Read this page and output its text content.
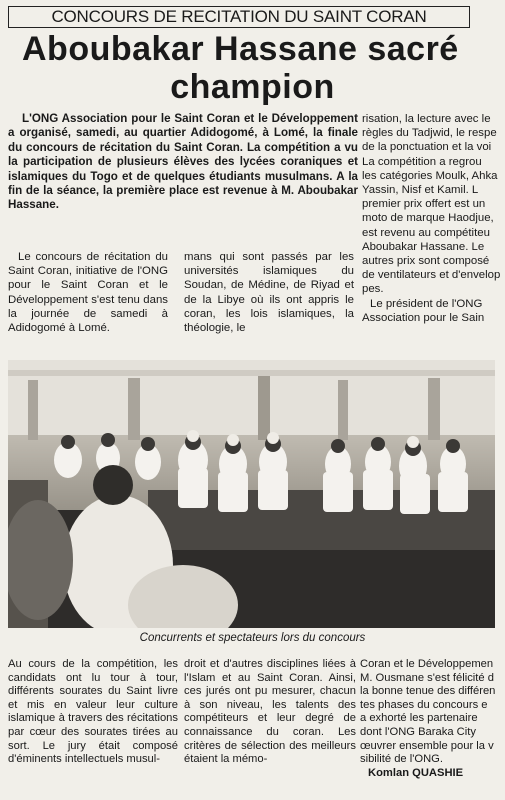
CONCOURS DE RECITATION DU SAINT CORAN
Aboubakar Hassane sacré
champion
L'ONG Association pour le Saint Coran et le Développement a organisé, samedi, au quartier Adidogomé, à Lomé, la finale du concours de récitation du Saint Coran. La compétition a vu la participation de plusieurs élèves des lycées coraniques et islamiques du Togo et de quelques étudiants musulmans. A la fin de la séance, la première place est revenue à M. Aboubakar Hassane.

risation, la lecture avec le

règles du Tadjwid, le respe

de la ponctuation et la voi

La compétition a regrou

les catégories Moulk, Ahka

Yassin, Nisf et Kamil. L

premier prix offert est un

moto de marque Haodjue,

est revenu au compétiteu

Aboubakar Hassane. Le

autres prix sont composé

de ventilateurs et d'envelop

pes.

Le président de l'ONG

Association pour le Sain

Le concours de récitation du Saint Coran, initiative de l'ONG pour le Saint Coran et le Développement s'est tenu dans la journée de samedi à Adidogomé à Lomé.

mans qui sont passés par les universités islamiques du Soudan, de Médine, de Riyad et de la Libye où ils ont appris le coran, les lois islamiques, la théologie, le

Concurrents et spectateurs lors du concours
Au cours de la compétition, les candidats ont lu tour à tour, différents sourates du Saint livre et mis en valeur leur culture islamique à travers des récitations par cœur des sourates tirées au sort. Le jury était composé d'éminents intellectuels musul-
droit et d'autres disciplines liées à l'Islam et au Saint Coran. Ainsi, ces jurés ont pu mesurer, chacun à son niveau, les talents des compétiteurs et leur degré de connaissance du coran. Les critères de sélection des meilleurs étaient la mémo-

Coran et le Développemen

M. Ousmane s'est félicité d

la bonne tenue des différen

tes phases du concours e

a exhorté les partenaire

dont l'ONG Baraka City

œuvrer ensemble pour la v

sibilité de l'ONG.

Komlan QUASHIE
